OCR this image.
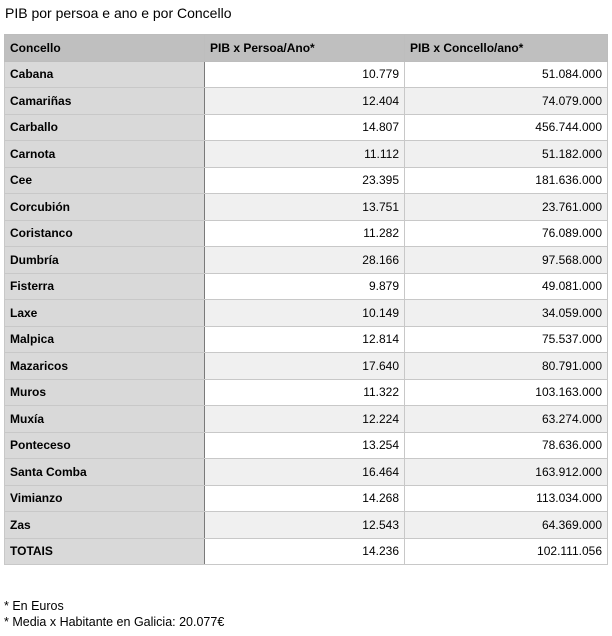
PIB por persoa e ano e por Concello
Concello	PIB x Persoa/Ano*	PIB x Concello/ano*
Cabana	10.779	51.084.000
Camariñas	12.404	74.079.000
Carballo	14.807	456.744.000
Carnota	11.112	51.182.000
Cee	23.395	181.636.000
Corcubión	13.751	23.761.000
Coristanco	11.282	76.089.000
Dumbría	28.166	97.568.000
Fisterra	9.879	49.081.000
Laxe	10.149	34.059.000
Malpica	12.814	75.537.000
Mazaricos	17.640	80.791.000
Muros	11.322	103.163.000
Muxía	12.224	63.274.000
Ponteceso	13.254	78.636.000
Santa Comba	16.464	163.912.000
Vimianzo	14.268	113.034.000
Zas	12.543	64.369.000
TOTAIS	14.236	102.111.056
* En Euros
* Media x Habitante en Galicia: 20.077€
